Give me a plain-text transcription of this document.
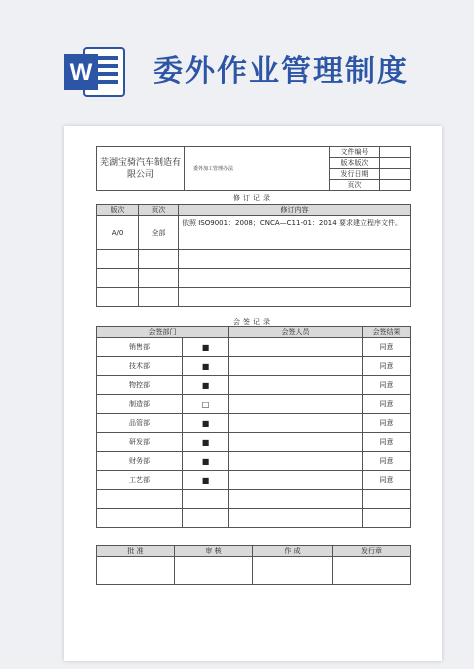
W 委外作业管理制度
芜湖宝骑汽车制造有限公司	委外加工管理办法	文件编号	
		版本版次	
		发行日期	
		页次	
修订记录
版次	页次	修订内容
A/0	全部	依照 ISO9001：2008；CNCA—C11-01：2014 要求建立程序文件。

会签记录
会签部门		会签人员	会签结果
销售部	■		同意
技术部	■		同意
物控部	■		同意
制造部	□		同意
品管部	■		同意
研发部	■		同意
财务部	■		同意
工艺部	■		同意

批 准	审 核	作 成	发行章
